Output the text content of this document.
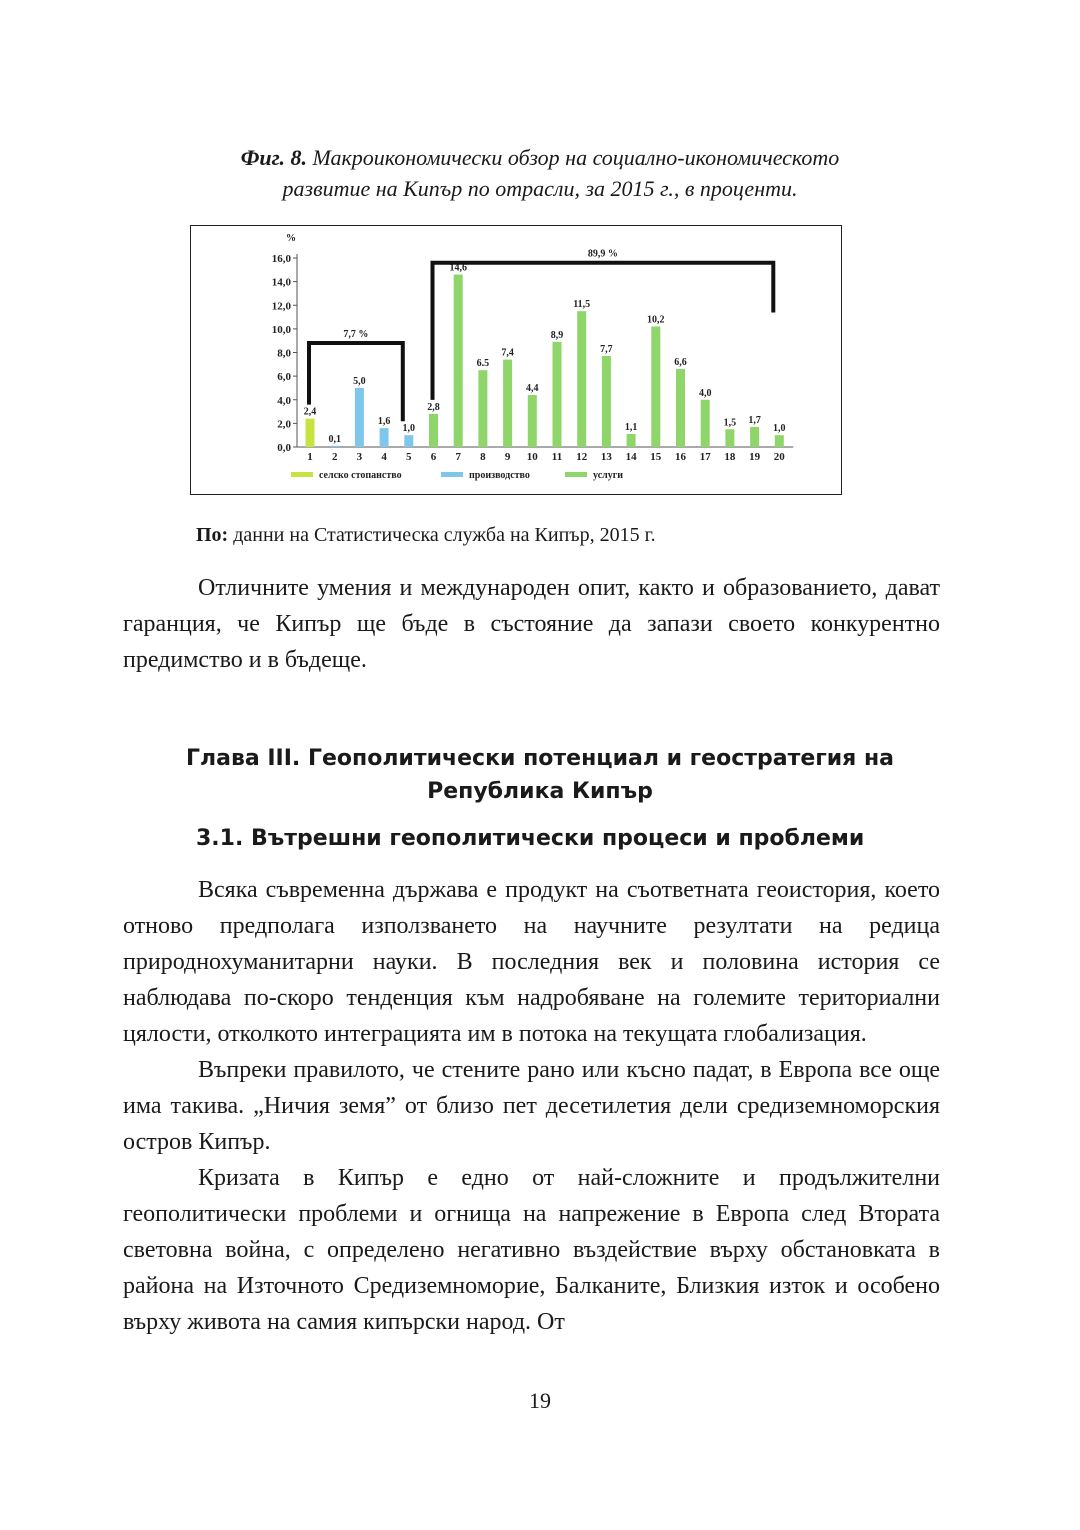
Фиг. 8. Макроикономически обзор на социално-икономическото
развитие на Кипър по отрасли, за 2015 г., в проценти.
%
0,0
2,0
4,0
6,0
8,0
10,0
12,0
14,0
16,0
2,4
1
0,1
2
5,0
3
1,6
4
1,0
5
2,8
6
14,6
7
6.5
8
7,4
9
4,4
10
8,9
11
11,5
12
7,7
13
1,1
14
10,2
15
6,6
16
4,0
17
1,5
18
1,7
19
1,0
20
7,7 %
89,9 %
селско стопанство	производство	услуги
По: данни на Статистическа служба на Кипър, 2015 г.

Отличните умения и международен опит, както и образованието, дават гаранция, че Кипър ще бъде в състояние да запази своето конкурентно предимство и в бъдеще.

Глава III. Геополитически потенциал и геостратегия на
Република Кипър
3.1. Вътрешни геополитически процеси и проблеми

Всяка съвременна държава е продукт на съответната геоистория, което отново предполага използването на научните резултати на редица природнохуманитарни науки. В последния век и половина история се наблюдава по-скоро тенденция към надробяване на големите териториални цялости, отколкото интеграцията им в потока на текущата глобализация.

Въпреки правилото, че стените рано или късно падат, в Европа все още има такива. „Ничия земя” от близо пет десетилетия дели средиземноморския остров Кипър.

Кризата в Кипър е едно от най-сложните и продължителни геополитически проблеми и огнища на напрежение в Европа след Втората световна война, с определено негативно въздействие върху обстановката в района на Източното Средиземноморие, Балканите, Близкия изток и особено върху живота на самия кипърски народ. От

19
